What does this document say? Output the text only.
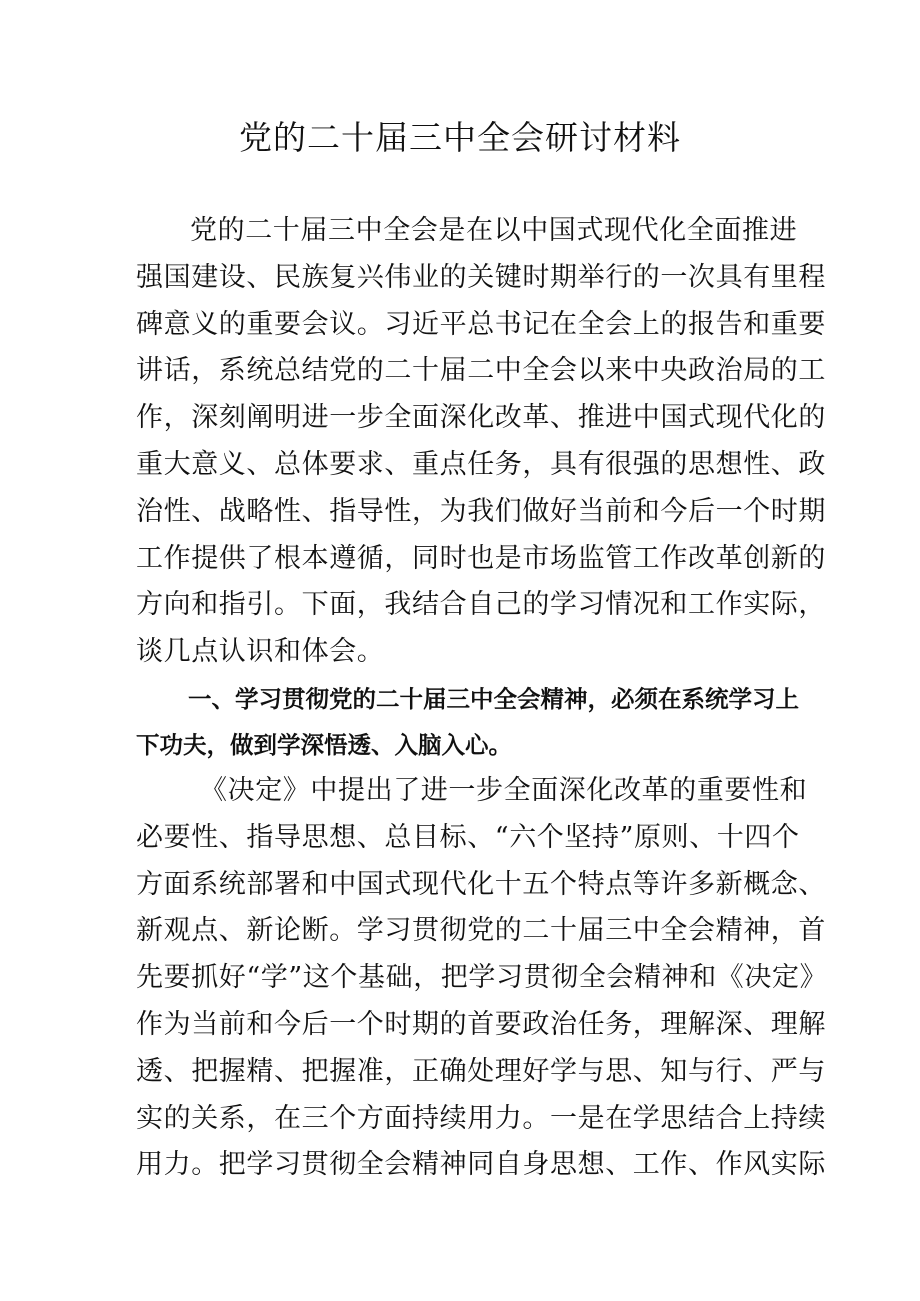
党的二十届三中全会研讨材料

党的二十届三中全会是在以中国式现代化全面推进
强国建设、民族复兴伟业的关键时期举行的一次具有里程
碑意义的重要会议。习近平总书记在全会上的报告和重要
讲话，系统总结党的二十届二中全会以来中央政治局的工
作，深刻阐明进一步全面深化改革、推进中国式现代化的
重大意义、总体要求、重点任务，具有很强的思想性、政
治性、战略性、指导性，为我们做好当前和今后一个时期
工作提供了根本遵循，同时也是市场监管工作改革创新的
方向和指引。下面，我结合自己的学习情况和工作实际，
谈几点认识和体会。

一、学习贯彻党的二十届三中全会精神，必须在系统学习上
下功夫，做到学深悟透、入脑入心。

《决定》中提出了进一步全面深化改革的重要性和
必要性、指导思想、总目标、“六个坚持”原则、十四个
方面系统部署和中国式现代化十五个特点等许多新概念、
新观点、新论断。学习贯彻党的二十届三中全会精神，首
先要抓好“学”这个基础，把学习贯彻全会精神和《决定》
作为当前和今后一个时期的首要政治任务，理解深、理解
透、把握精、把握准，正确处理好学与思、知与行、严与
实的关系，在三个方面持续用力。一是在学思结合上持续
用力。把学习贯彻全会精神同自身思想、工作、作风实际
